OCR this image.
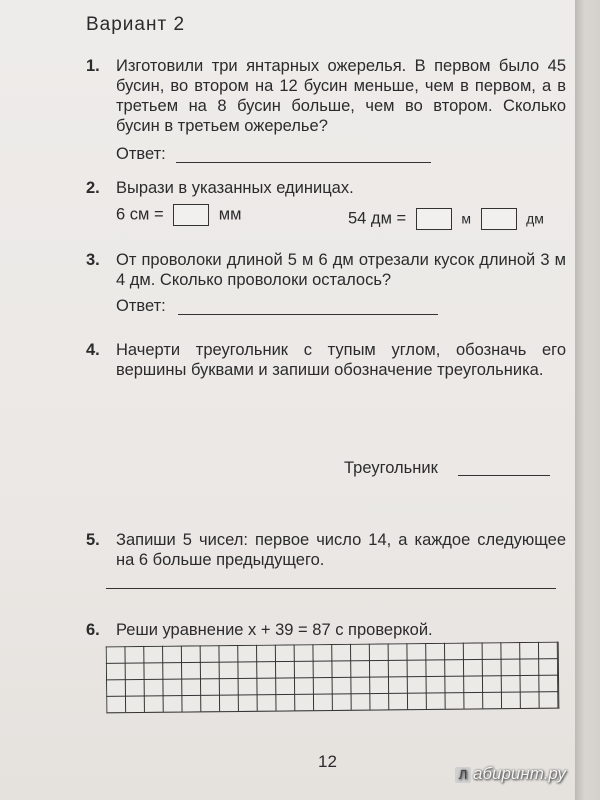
Вариант 2
1. Изготовили три янтарных ожерелья. В первом было 45 бусин, во втором на 12 бусин меньше, чем в первом, а в третьем на 8 бусин больше, чем во втором. Сколько бусин в третьем ожерелье?
Ответ:
2. Вырази в указанных единицах.
6 см =	мм	54 дм =	м	дм
3. От проволоки длиной 5 м 6 дм отрезали кусок длиной 3 м 4 дм. Сколько проволоки осталось?
Ответ:
4. Начерти треугольник с тупым углом, обозначь его вершины буквами и запиши обозначение треугольника.
Треугольник
5. Запиши 5 чисел: первое число 14, а каждое следующее на 6 больше предыдущего.
6. Реши уравнение x + 39 = 87 с проверкой.
12
Л абиринт.ру
